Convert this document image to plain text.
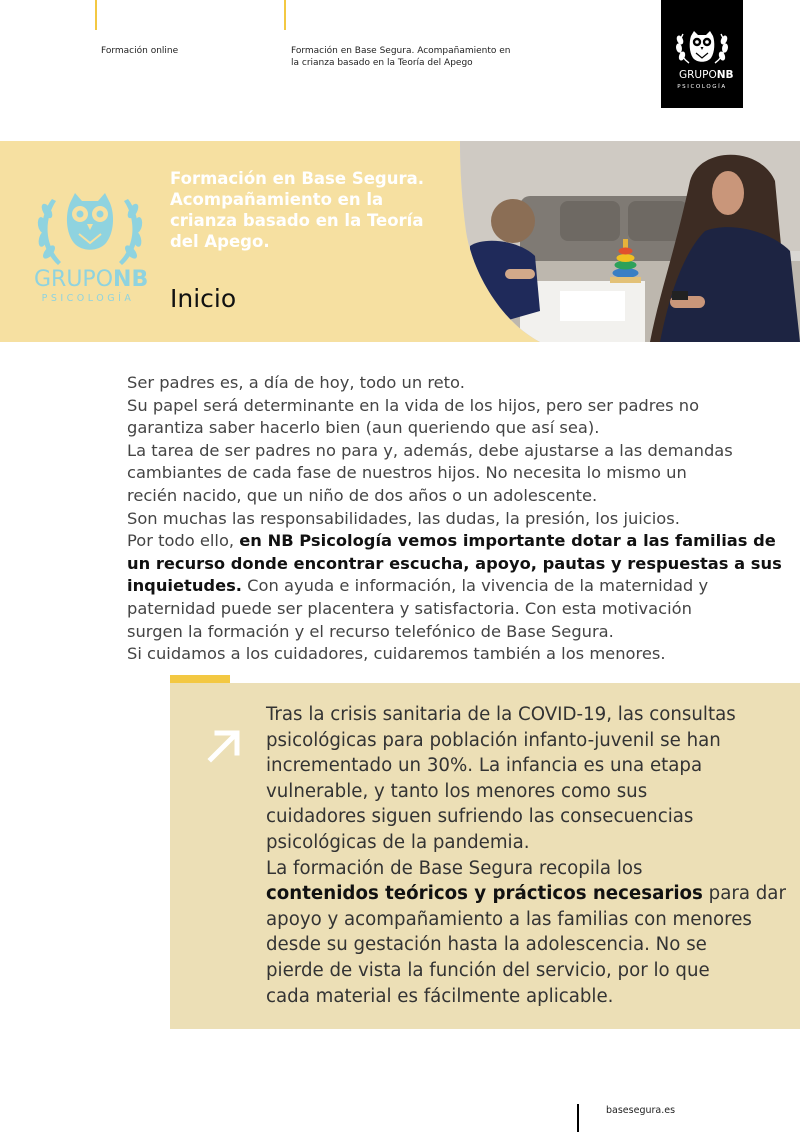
Formación online	Formación en Base Segura. Acompañamiento en
la crianza basado en la Teoría del Apego
GRUPONB
PSICOLOGÍA
GRUPONB
PSICOLOGÍA
Formación en Base Segura.
Acompañamiento en la
crianza basado en la Teoría
del Apego.
Inicio

Ser padres es, a día de hoy, todo un reto.

Su papel será determinante en la vida de los hijos, pero ser padres no

garantiza saber hacerlo bien (aun queriendo que así sea).

La tarea de ser padres no para y, además, debe ajustarse a las demandas

cambiantes de cada fase de nuestros hijos. No necesita lo mismo un

recién nacido, que un niño de dos años o un adolescente.

Son muchas las responsabilidades, las dudas, la presión, los juicios.

Por todo ello, en NB Psicología vemos importante dotar a las familias de

un recurso donde encontrar escucha, apoyo, pautas y respuestas a sus

inquietudes. Con ayuda e información, la vivencia de la maternidad y

paternidad puede ser placentera y satisfactoria. Con esta motivación

surgen la formación y el recurso telefónico de Base Segura.

Si cuidamos a los cuidadores, cuidaremos también a los menores.

Tras la crisis sanitaria de la COVID-19, las consultas

psicológicas para población infanto-juvenil se han

incrementado un 30%. La infancia es una etapa

vulnerable, y tanto los menores como sus

cuidadores siguen sufriendo las consecuencias

psicológicas de la pandemia.

La formación de Base Segura recopila los

contenidos teóricos y prácticos necesarios para dar

apoyo y acompañamiento a las familias con menores

desde su gestación hasta la adolescencia. No se

pierde de vista la función del servicio, por lo que

cada material es fácilmente aplicable.

basesegura.es
